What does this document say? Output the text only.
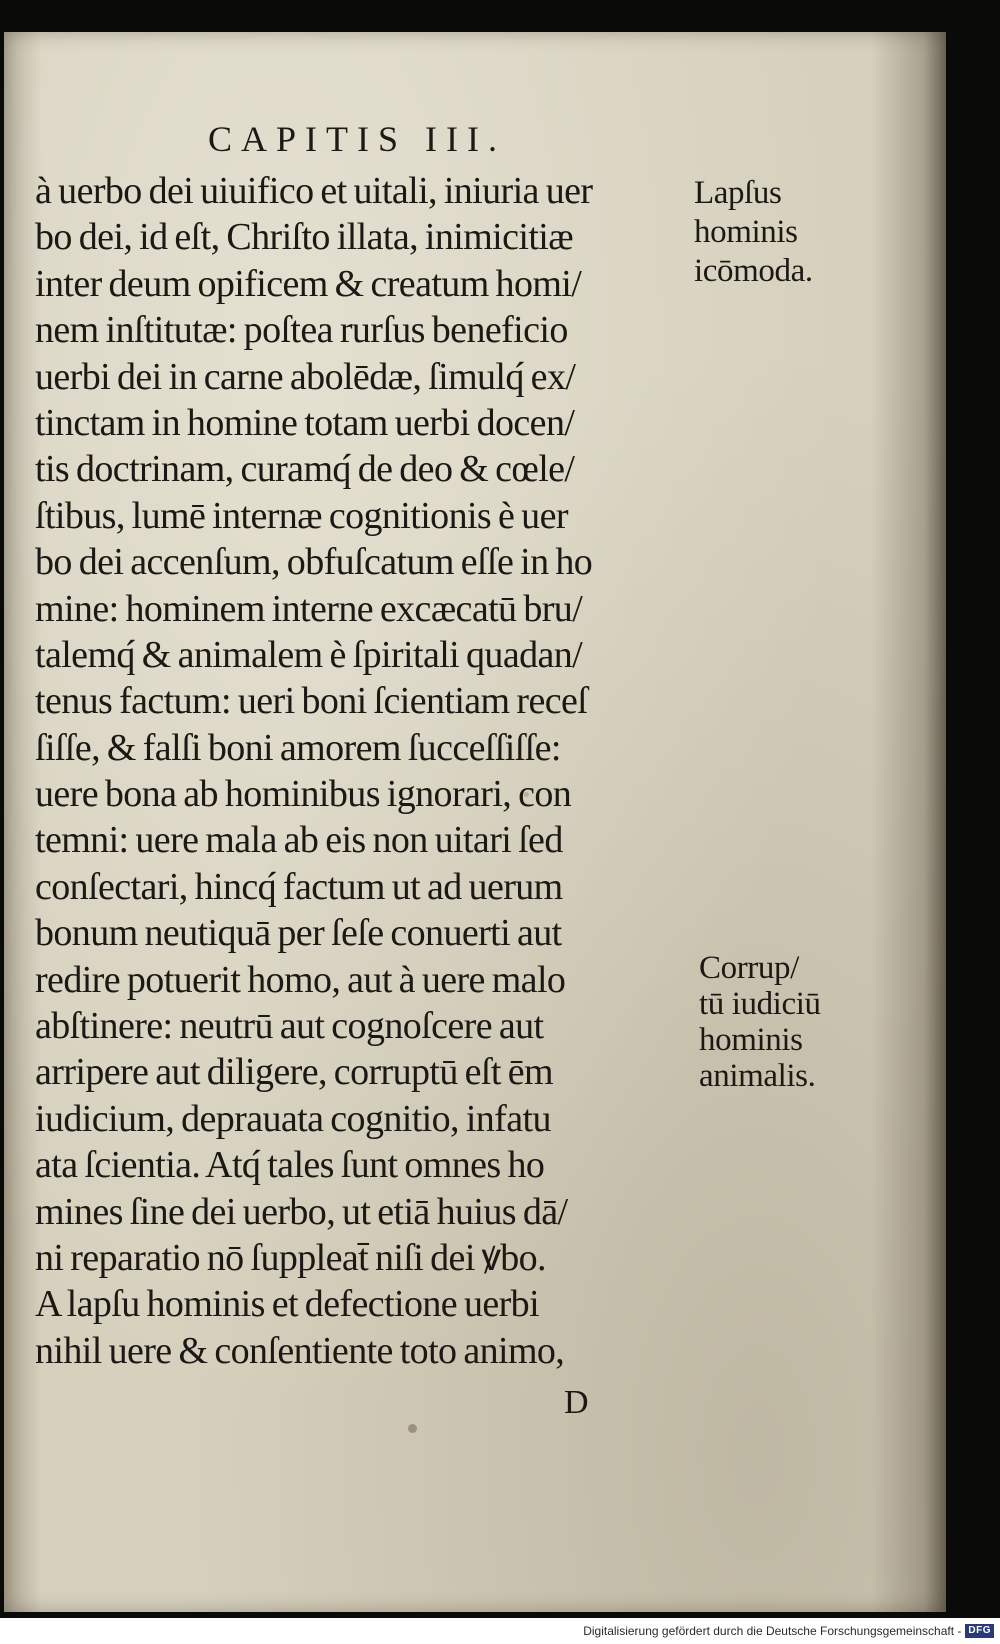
CAPITIS III.
à uerbo dei uiuifico et uitali, iniuria uer
bo dei, id eſt, Chriſto illata, inimicitiæ
inter deum opificem & creatum homi/
nem inſtitutæ: poſtea rurſus beneficio
uerbi dei in carne abolēdæ, ſimulq́ ex/
tinctam in homine totam uerbi docen/
tis doctrinam, curamq́ de deo & cœle/
ſtibus, lumē internæ cognitionis è uer
bo dei accenſum, obfuſcatum eſſe in ho
mine: hominem interne excæcatū bru/
talemq́ & animalem è ſpiritali quadan/
tenus factum: ueri boni ſcientiam receſ
ſiſſe, & falſi boni amorem ſucceſſiſſe:
uere bona ab hominibus ignorari, con
temni: uere mala ab eis non uitari ſed
conſectari, hincq́ factum ut ad uerum
bonum neutiquā per ſeſe conuerti aut
redire potuerit homo, aut à uere malo
abſtinere: neutrū aut cognoſcere aut
arripere aut diligere, corruptū eſt ēm
iudicium, deprauata cognitio, infatu
ata ſcientia. Atq́ tales ſunt omnes ho
mines ſine dei uerbo, ut etiā huius dā/
ni reparatio nō ſuppleat̄ niſi dei ꝟbo.
A lapſu hominis et defectione uerbi
nihil uere & conſentiente toto animo,
Lapſus
hominis
icōmoda.
Corrup/
tū iudiciū
hominis
animalis.
D
Digitalisierung gefördert durch die Deutsche Forschungsgemeinschaft - DFG
